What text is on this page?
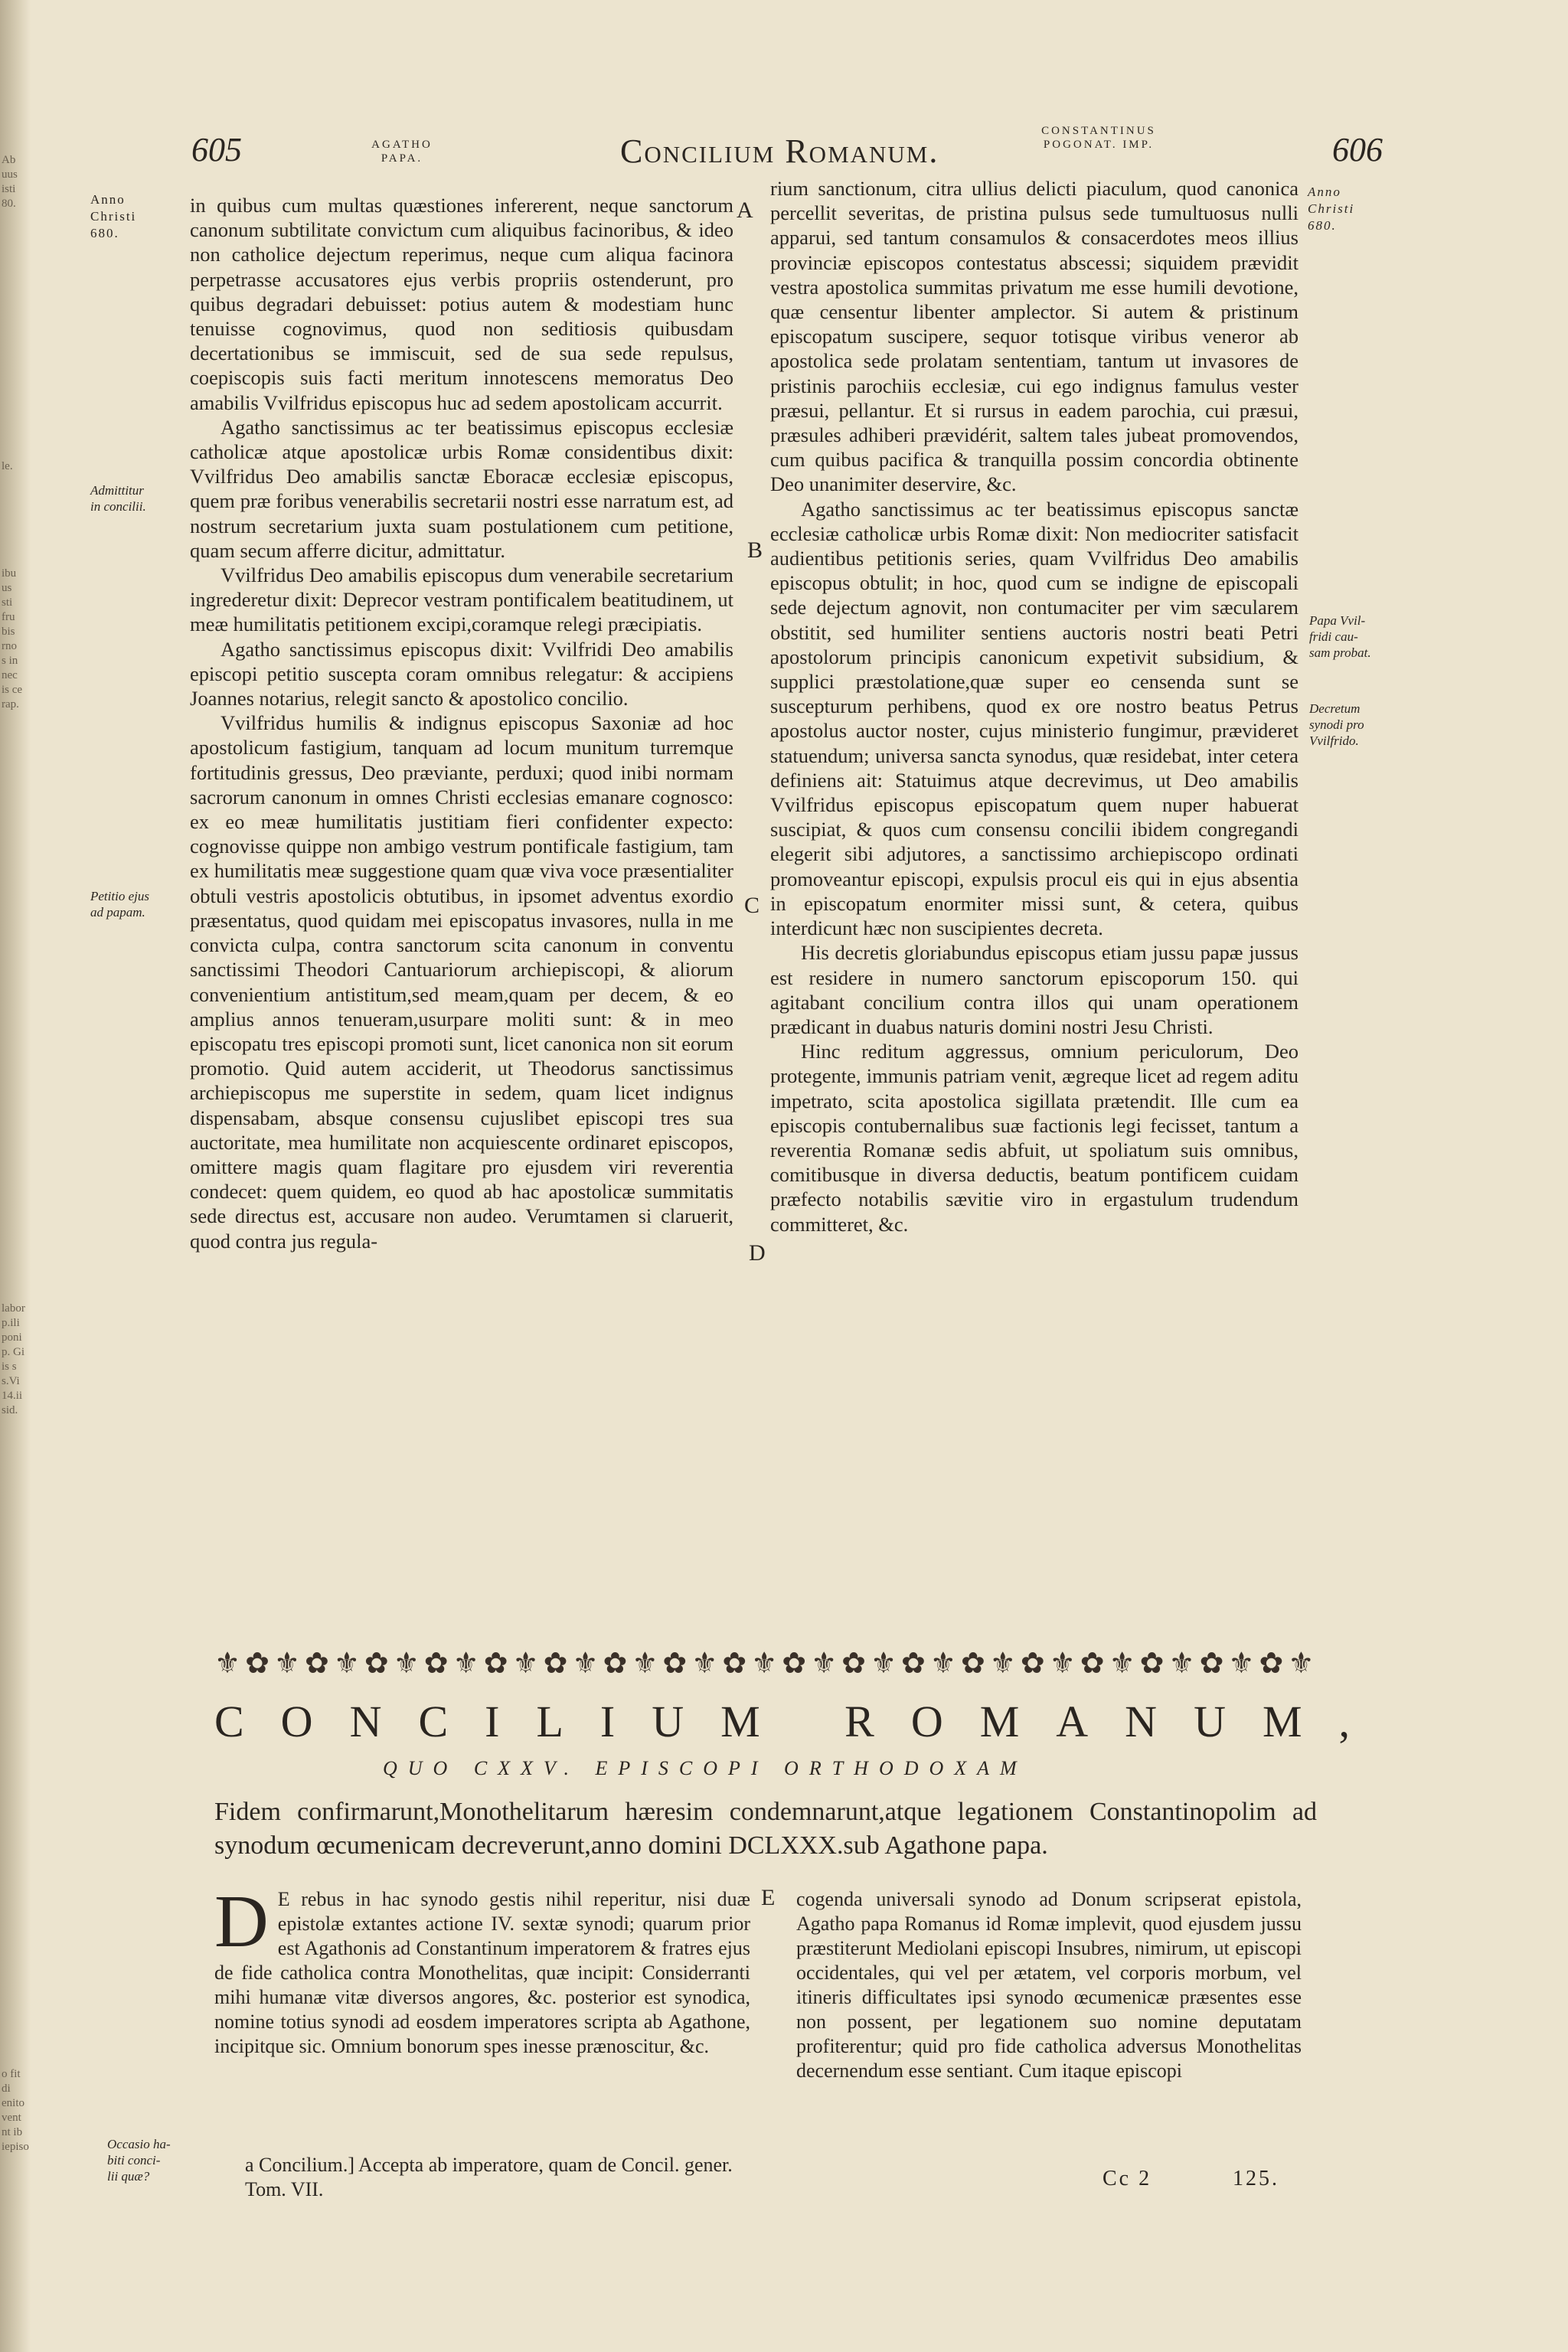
Ab
uus
isti
80.
le.
ibu
us
sti
fru
bis
rno
s in
nec
is ce
rap.
labor
p.ili
poni
p. Gi
is s
s.Vi
14.ii
sid.
o fit
di
enito
vent
nt ib
iepiso
605	AGATHO
PAPA.	Concilium Romanum.
CONSTANTINUS
POGONAT. IMP.	606
Anno
Christi
680.
Admittitur
in concilii.
Petitio ejus
ad papam.
Occasio ha-
biti conci-
lii quæ?
Anno
Christi
680.
Papa Vvil-
fridi cau-
sam probat.
Decretum
synodi pro
Vvilfrido.
A
B
C
D
E

in quibus cum multas quæstiones infererent, neque sanctorum canonum subtilitate convictum cum aliquibus facinoribus, & ideo non catholice dejectum reperimus, neque cum aliqua facinora perpetrasse accusatores ejus verbis propriis ostenderunt, pro quibus degradari debuisset: potius autem & modestiam hunc tenuisse cognovimus, quod non seditiosis quibusdam decertationibus se immiscuit, sed de sua sede repulsus, coepiscopis suis facti meritum innotescens memoratus Deo amabilis Vvilfridus episcopus huc ad sedem apostolicam accurrit.

Agatho sanctissimus ac ter beatissimus episcopus ecclesiæ catholicæ atque apostolicæ urbis Romæ considentibus dixit: Vvilfridus Deo amabilis sanctæ Eboracæ ecclesiæ episcopus, quem præ foribus venerabilis secretarii nostri esse narratum est, ad nostrum secretarium juxta suam postulationem cum petitione, quam secum afferre dicitur, admittatur.

Vvilfridus Deo amabilis episcopus dum venerabile secretarium ingrederetur dixit: Deprecor vestram pontificalem beatitudinem, ut meæ humilitatis petitionem excipi,coramque relegi præcipiatis.

Agatho sanctissimus episcopus dixit: Vvilfridi Deo amabilis episcopi petitio suscepta coram omnibus relegatur: & accipiens Joannes notarius, relegit sancto & apostolico concilio.

Vvilfridus humilis & indignus episcopus Saxoniæ ad hoc apostolicum fastigium, tanquam ad locum munitum turremque fortitudinis gressus, Deo præviante, perduxi; quod inibi normam sacrorum canonum in omnes Christi ecclesias emanare cognosco: ex eo meæ humilitatis justitiam fieri confidenter expecto: cognovisse quippe non ambigo vestrum pontificale fastigium, tam ex humilitatis meæ suggestione quam quæ viva voce præsentialiter obtuli vestris apostolicis obtutibus, in ipsomet adventus exordio præsentatus, quod quidam mei episcopatus invasores, nulla in me convicta culpa, contra sanctorum scita canonum in conventu sanctissimi Theodori Cantuariorum archiepiscopi, & aliorum convenientium antistitum,sed meam,quam per decem, & eo amplius annos tenueram,usurpare moliti sunt: & in meo episcopatu tres episcopi promoti sunt, licet canonica non sit eorum promotio. Quid autem acciderit, ut Theodorus sanctissimus archiepiscopus me superstite in sedem, quam licet indignus dispensabam, absque consensu cujuslibet episcopi tres sua auctoritate, mea humilitate non acquiescente ordinaret episcopos, omittere magis quam flagitare pro ejusdem viri reverentia condecet: quem quidem, eo quod ab hac apostolicæ summitatis sede directus est, accusare non audeo. Verumtamen si claruerit, quod contra jus regula-

rium sanctionum, citra ullius delicti piaculum, quod canonica percellit severitas, de pristina pulsus sede tumultuosus nulli apparui, sed tantum consamulos & consacerdotes meos illius provinciæ episcopos contestatus abscessi; siquidem prævidit vestra apostolica summitas privatum me esse humili devotione, quæ censentur libenter amplector. Si autem & pristinum episcopatum suscipere, sequor totisque viribus veneror ab apostolica sede prolatam sententiam, tantum ut invasores de pristinis parochiis ecclesiæ, cui ego indignus famulus vester præsui, pellantur. Et si rursus in eadem parochia, cui præsui, præsules adhiberi prævidérit, saltem tales jubeat promovendos, cum quibus pacifica & tranquilla possim concordia obtinente Deo unanimiter deservire, &c.

Agatho sanctissimus ac ter beatissimus episcopus sanctæ ecclesiæ catholicæ urbis Romæ dixit: Non mediocriter satisfacit audientibus petitionis series, quam Vvilfridus Deo amabilis episcopus obtulit; in hoc, quod cum se indigne de episcopali sede dejectum agnovit, non contumaciter per vim sæcularem obstitit, sed humiliter sentiens auctoris nostri beati Petri apostolorum principis canonicum expetivit subsidium, & supplici præstolatione,quæ super eo censenda sunt se suscepturum perhibens, quod ex ore nostro beatus Petrus apostolus auctor noster, cujus ministerio fungimur, prævideret statuendum; universa sancta synodus, quæ residebat, inter cetera definiens ait: Statuimus atque decrevimus, ut Deo amabilis Vvilfridus episcopus episcopatum quem nuper habuerat suscipiat, & quos cum consensu concilii ibidem congregandi elegerit sibi adjutores, a sanctissimo archiepiscopo ordinati promoveantur episcopi, expulsis procul eis qui in ejus absentia in episcopatum enormiter missi sunt, & cetera, quibus interdicunt hæc non suscipientes decreta.

His decretis gloriabundus episcopus etiam jussu papæ jussus est residere in numero sanctorum episcoporum 150. qui agitabant concilium contra illos qui unam operationem prædicant in duabus naturis domini nostri Jesu Christi.

Hinc reditum aggressus, omnium periculorum, Deo protegente, immunis patriam venit, ægreque licet ad regem aditu impetrato, scita apostolica sigillata prætendit. Ille cum ea episcopis contubernalibus suæ factionis legi fecisset, tantum a reverentia Romanæ sedis abfuit, ut spoliatum suis omnibus, comitibusque in diversa deductis, beatum pontificem cuidam præfecto notabilis sævitie viro in ergastulum trudendum committeret, &c.

⚜✿⚜✿⚜✿⚜✿⚜✿⚜✿⚜✿⚜✿⚜✿⚜✿⚜✿⚜✿⚜✿⚜✿⚜✿⚜✿⚜✿⚜✿⚜
CONCILIUM ROMANUM,
QUO CXXV. EPISCOPI ORTHODOXAM
Fidem confirmarunt,Monothelitarum hæresim condemnarunt,atque legationem Constantinopolim ad synodum œcumenicam decreverunt,anno domini DCLXXX.sub Agathone papa.
D E rebus in hac synodo gestis nihil reperitur, nisi duæ epistolæ extantes actione IV. sextæ synodi; quarum prior est Agathonis ad Constantinum imperatorem & fratres ejus de fide catholica contra Monothelitas, quæ incipit: Considerranti mihi humanæ vitæ diversos angores, &c. posterior est synodica, nomine totius synodi ad eosdem imperatores scripta ab Agathone, incipitque sic. Omnium bonorum spes inesse prænoscitur, &c.

cogenda universali synodo ad Donum scripserat epistola, Agatho papa Romanus id Romæ implevit, quod ejusdem jussu præstiterunt Mediolani episcopi Insubres, nimirum, ut episcopi occidentales, qui vel per ætatem, vel corporis morbum, vel itineris difficultates ipsi synodo œcumenicæ præsentes esse non possent, per legationem suo nomine deputatam profiterentur; quid pro fide catholica adversus Monothelitas decernendum esse sentiant. Cum itaque episcopi

a Concilium.] Accepta ab imperatore, quam de Concil. gener. Tom. VII.	Cc 2	125.
